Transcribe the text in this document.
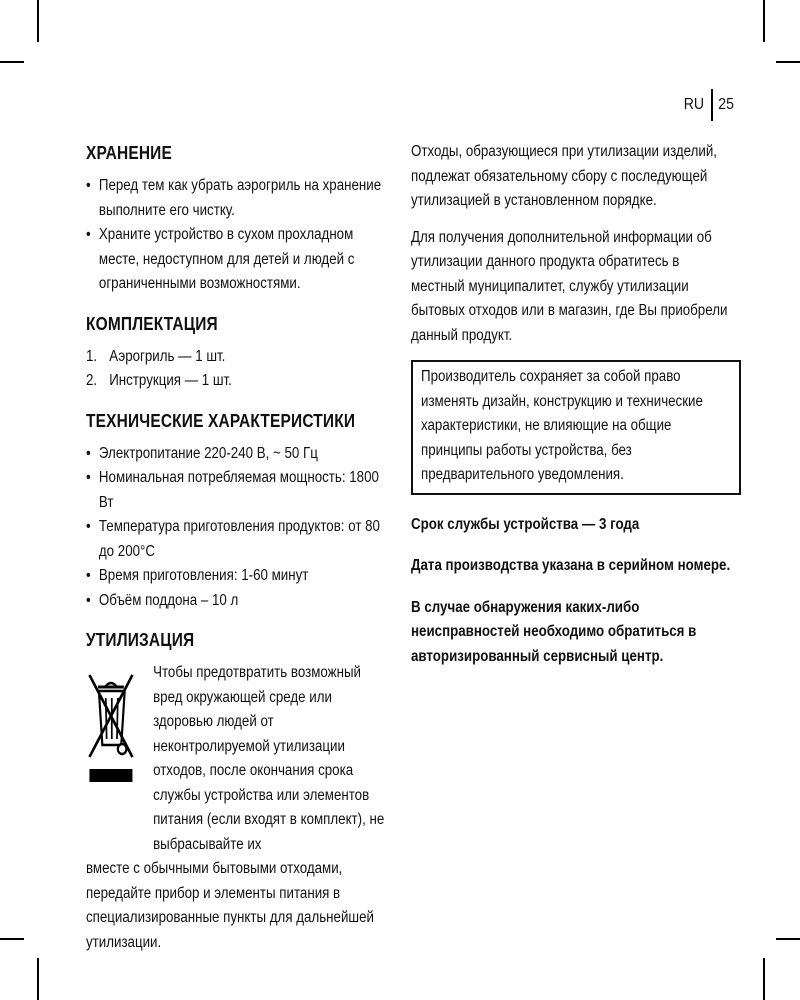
RU 25
ХРАНЕНИЕ
• Перед тем как убрать аэрогриль на хранение выполните его чистку.
• Храните устройство в сухом прохладном месте, недоступном для детей и людей с ограниченными возможностями.
КОМПЛЕКТАЦИЯ
1. Аэрогриль — 1 шт.
2. Инструкция — 1 шт.
ТЕХНИЧЕСКИЕ ХАРАКТЕРИСТИКИ
• Электропитание 220-240 В, ~ 50 Гц
• Номинальная потребляемая мощность: 1800 Вт
• Температура приготовления продуктов: от 80 до 200°С
• Время приготовления: 1-60 минут
• Объём поддона – 10 л
УТИЛИЗАЦИЯ

Чтобы предотвратить возможный вред окружающей среде или здоровью людей от неконтролируемой утилизации отходов, после окончания срока службы устройства или элементов питания (если входят в комплект), не выбрасывайте их

вместе с обычными бытовыми отходами, передайте прибор и элементы питания в специализированные пункты для дальнейшей утилизации.

Отходы, образующиеся при утилизации изделий, подлежат обязательному сбору с последующей утилизацией в установленном порядке.

Для получения дополнительной информации об утилизации данного продукта обратитесь в местный муниципалитет, службу утилизации бытовых отходов или в магазин, где Вы приобрели данный продукт.

Производитель сохраняет за собой право изменять дизайн, конструкцию и технические характеристики, не влияющие на общие принципы работы устройства, без предварительного уведомления.

Срок службы устройства — 3 года

Дата производства указана в серийном номере.

В случае обнаружения каких-либо неисправностей необходимо обратиться в авторизированный сервисный центр.
